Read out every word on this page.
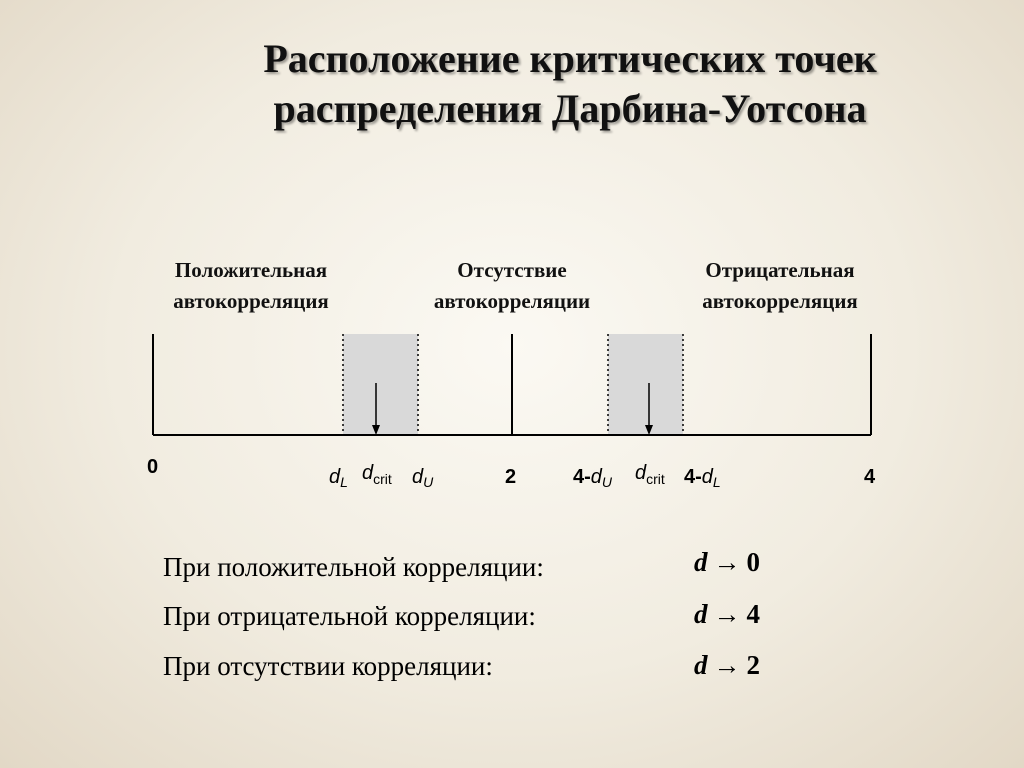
Расположение критических точек
распределения Дарбина-Уотсона
Положительная
автокорреляция
Отсутствие
автокорреляции
Отрицательная
автокорреляция
0	2	4
$d_L$ $d_{crit}$ $d_U$	$4-d_U$ $d_{crit}$ $4-d_L$
При положительной корреляции:	d → 0
При отрицательной корреляции:	d → 4
При отсутствии корреляции:	d → 2
